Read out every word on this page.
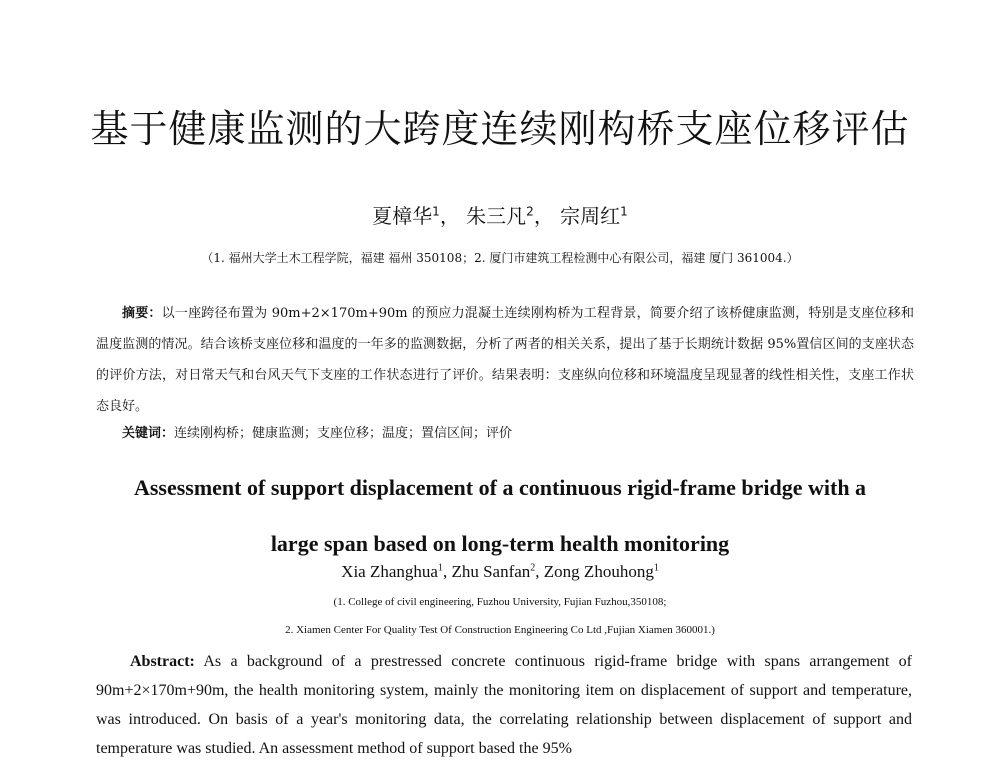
基于健康监测的大跨度连续刚构桥支座位移评估
夏樟华$^1$， 朱三凡$^2$， 宗周红$^1$
（1. 福州大学土木工程学院，福建 福州 350108；2. 厦门市建筑工程检测中心有限公司，福建 厦门 361004.）
摘要：以一座跨径布置为 90m+2×170m+90m 的预应力混凝土连续刚构桥为工程背景，简要介绍了该桥健康监测，特别是支座位移和温度监测的情况。结合该桥支座位移和温度的一年多的监测数据，分析了两者的相关关系，提出了基于长期统计数据 95%置信区间的支座状态的评价方法，对日常天气和台风天气下支座的工作状态进行了评价。结果表明：支座纵向位移和环境温度呈现显著的线性相关性，支座工作状态良好。
关键词：连续刚构桥；健康监测；支座位移；温度；置信区间；评价
Assessment of support displacement of a continuous rigid-frame bridge with a
large span based on long-term health monitoring
Xia Zhanghua$^1$, Zhu Sanfan$^2$, Zong Zhouhong$^1$
(1. College of civil engineering, Fuzhou University, Fujian Fuzhou,350108;
2. Xiamen Center For Quality Test Of Construction Engineering Co Ltd ,Fujian Xiamen 360001.)
Abstract: As a background of a prestressed concrete continuous rigid-frame bridge with spans arrangement of 90m+2×170m+90m, the health monitoring system, mainly the monitoring item on displacement of support and temperature, was introduced. On basis of a year's monitoring data, the correlating relationship between displacement of support and temperature was studied. An assessment method of support based the 95%
